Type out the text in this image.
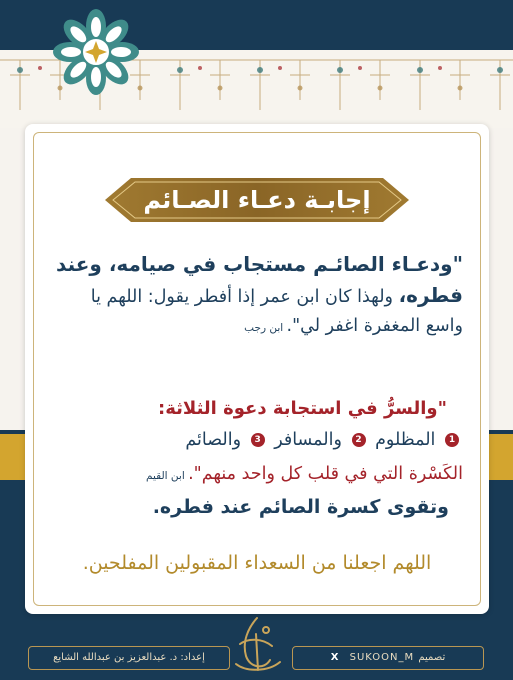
إجابـة دعـاء الصـائم
"ودعـاء الصائـم مستجاب في صيامه، وعند فطره، ولهذا كان ابن عمر إذا أفطر يقول: اللهم يا واسع المغفرة اغفر لي". ابن رجب
"والسرُّ في استجابة دعوة الثلاثة:
1 المظلوم 2 والمسافر 3 والصائم
الكَسْرة التي في قلب كل واحد منهم". ابن القيم
وتقوى كسرة الصائم عند فطره.
اللهم اجعلنا من السعداء المقبولين المفلحين.
إعداد: د. عبدالعزيز بن عبدالله الشايع	X SUKOON_M تصميم
